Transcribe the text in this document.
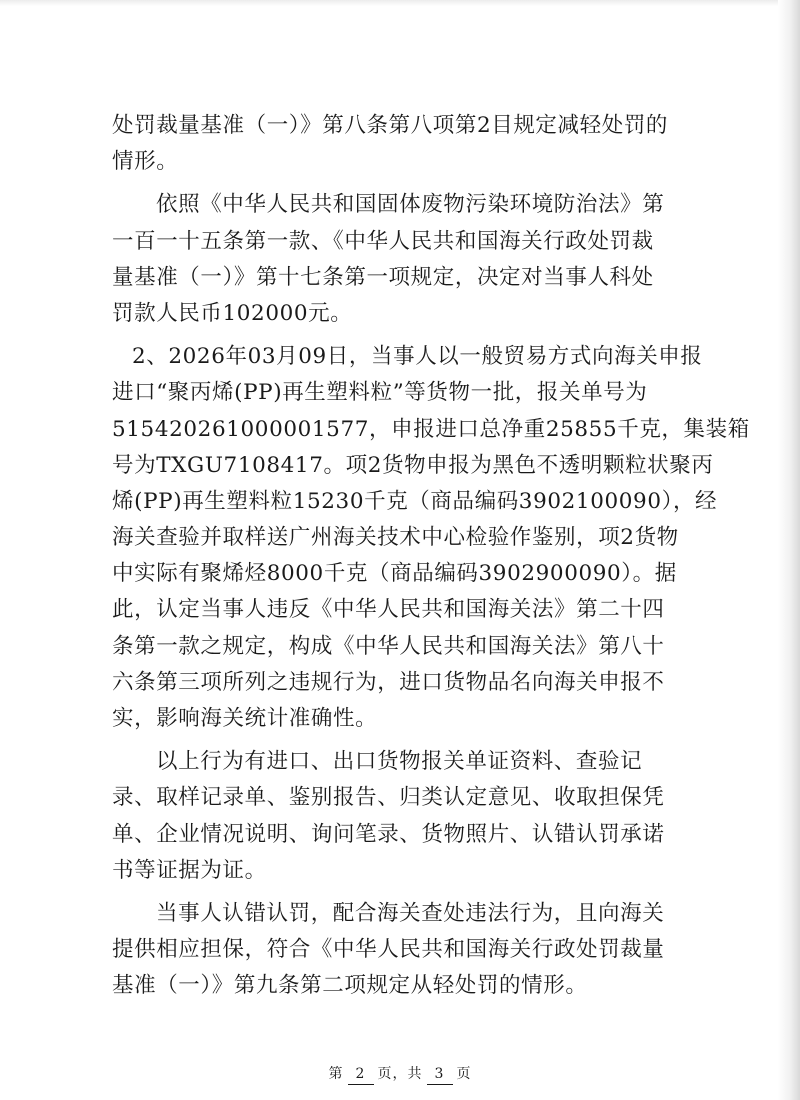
处罚裁量基准（一）》第八条第八项第2目规定减轻处罚的
情形。
依照《中华人民共和国固体废物污染环境防治法》第
一百一十五条第一款、《中华人民共和国海关行政处罚裁
量基准（一）》第十七条第一项规定，决定对当事人科处
罚款人民币102000元。
2、2026年03月09日，当事人以一般贸易方式向海关申报
进口“聚丙烯(PP)再生塑料粒”等货物一批，报关单号为
515420261000001577，申报进口总净重25855千克，集装箱
号为TXGU7108417。项2货物申报为黑色不透明颗粒状聚丙
烯(PP)再生塑料粒15230千克（商品编码3902100090），经
海关查验并取样送广州海关技术中心检验作鉴别，项2货物
中实际有聚烯烃8000千克（商品编码3902900090）。据
此，认定当事人违反《中华人民共和国海关法》第二十四
条第一款之规定，构成《中华人民共和国海关法》第八十
六条第三项所列之违规行为，进口货物品名向海关申报不
实，影响海关统计准确性。
以上行为有进口、出口货物报关单证资料、查验记
录、取样记录单、鉴别报告、归类认定意见、收取担保凭
单、企业情况说明、询问笔录、货物照片、认错认罚承诺
书等证据为证。
当事人认错认罚，配合海关查处违法行为，且向海关
提供相应担保，符合《中华人民共和国海关行政处罚裁量
基准（一）》第九条第二项规定从轻处罚的情形。
第 2 页，共 3 页
